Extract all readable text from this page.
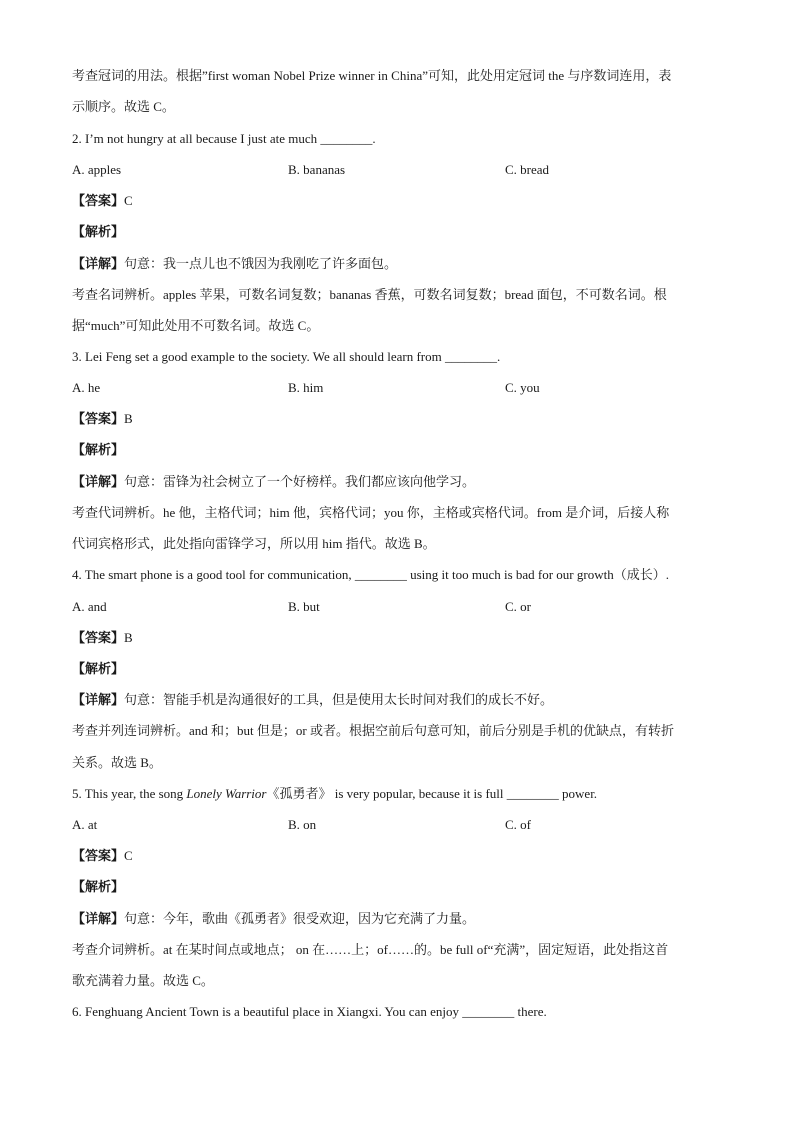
考查冠词的用法。根据”first woman Nobel Prize winner in China”可知，此处用定冠词 the 与序数词连用，表
示顺序。故选 C。
2. I’m not hungry at all because I just ate much ________.
A. apples	B. bananas	C. bread
【答案】C
【解析】
【详解】句意：我一点儿也不饿因为我刚吃了许多面包。
考查名词辨析。apples 苹果，可数名词复数；bananas 香蕉，可数名词复数；bread 面包，不可数名词。根
据“much”可知此处用不可数名词。故选 C。
3. Lei Feng set a good example to the society. We all should learn from ________.
A. he	B. him	C. you
【答案】B
【解析】
【详解】句意：雷锋为社会树立了一个好榜样。我们都应该向他学习。
考查代词辨析。he 他，主格代词；him 他，宾格代词；you 你，主格或宾格代词。from 是介词，后接人称
代词宾格形式，此处指向雷锋学习，所以用 him 指代。故选 B。
4. The smart phone is a good tool for communication, ________ using it too much is bad for our growth（成长）.
A. and	B. but	C. or
【答案】B
【解析】
【详解】句意：智能手机是沟通很好的工具，但是使用太长时间对我们的成长不好。
考查并列连词辨析。and 和；but 但是；or 或者。根据空前后句意可知，前后分别是手机的优缺点，有转折
关系。故选 B。
5. This year, the song Lonely Warrior《孤勇者》 is very popular, because it is full ________ power.
A. at	B. on	C. of
【答案】C
【解析】
【详解】句意：今年，歌曲《孤勇者》很受欢迎，因为它充满了力量。
考查介词辨析。at 在某时间点或地点； on 在……上；of……的。be full of“充满”，固定短语，此处指这首
歌充满着力量。故选 C。
6. Fenghuang Ancient Town is a beautiful place in Xiangxi. You can enjoy ________ there.
